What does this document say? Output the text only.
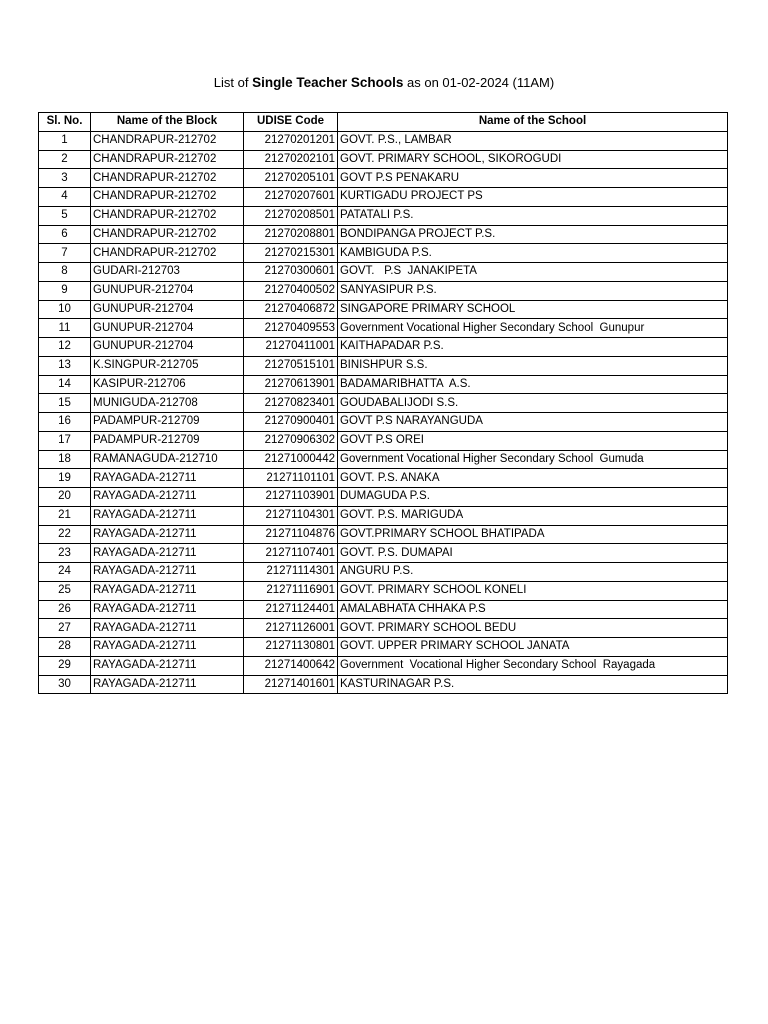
List of Single Teacher Schools as on 01-02-2024 (11AM)
Sl. No.	Name of the Block	UDISE Code	Name of the School
1	CHANDRAPUR-212702	21270201201	GOVT. P.S., LAMBAR
2	CHANDRAPUR-212702	21270202101	GOVT. PRIMARY SCHOOL, SIKOROGUDI
3	CHANDRAPUR-212702	21270205101	GOVT P.S PENAKARU
4	CHANDRAPUR-212702	21270207601	KURTIGADU PROJECT PS
5	CHANDRAPUR-212702	21270208501	PATATALI P.S.
6	CHANDRAPUR-212702	21270208801	BONDIPANGA PROJECT P.S.
7	CHANDRAPUR-212702	21270215301	KAMBIGUDA P.S.
8	GUDARI-212703	21270300601	GOVT.   P.S  JANAKIPETA
9	GUNUPUR-212704	21270400502	SANYASIPUR P.S.
10	GUNUPUR-212704	21270406872	SINGAPORE PRIMARY SCHOOL
11	GUNUPUR-212704	21270409553	Government Vocational Higher Secondary School  Gunupur
12	GUNUPUR-212704	21270411001	KAITHAPADAR P.S.
13	K.SINGPUR-212705	21270515101	BINISHPUR S.S.
14	KASIPUR-212706	21270613901	BADAMARIBHATTA  A.S.
15	MUNIGUDA-212708	21270823401	GOUDABALIJODI S.S.
16	PADAMPUR-212709	21270900401	GOVT P.S NARAYANGUDA
17	PADAMPUR-212709	21270906302	GOVT P.S OREI
18	RAMANAGUDA-212710	21271000442	Government Vocational Higher Secondary School  Gumuda
19	RAYAGADA-212711	21271101101	GOVT. P.S. ANAKA
20	RAYAGADA-212711	21271103901	DUMAGUDA P.S.
21	RAYAGADA-212711	21271104301	GOVT. P.S. MARIGUDA
22	RAYAGADA-212711	21271104876	GOVT.PRIMARY SCHOOL BHATIPADA
23	RAYAGADA-212711	21271107401	GOVT. P.S. DUMAPAI
24	RAYAGADA-212711	21271114301	ANGURU P.S.
25	RAYAGADA-212711	21271116901	GOVT. PRIMARY SCHOOL KONELI
26	RAYAGADA-212711	21271124401	AMALABHATA CHHAKA P.S
27	RAYAGADA-212711	21271126001	GOVT. PRIMARY SCHOOL BEDU
28	RAYAGADA-212711	21271130801	GOVT. UPPER PRIMARY SCHOOL JANATA
29	RAYAGADA-212711	21271400642	Government  Vocational Higher Secondary School  Rayagada
30	RAYAGADA-212711	21271401601	KASTURINAGAR P.S.
